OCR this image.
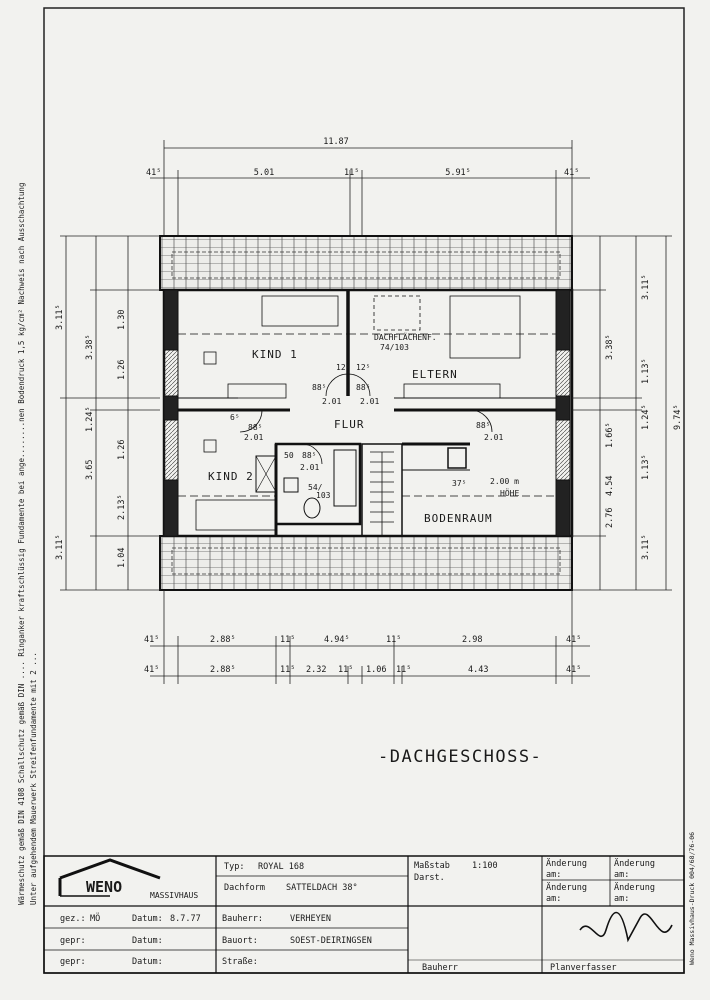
11.87
5.01	5.91⁵
41⁵	41⁵
11⁵
KIND 1
ELTERN
FLUR
KIND 2
BODENRAUM
DACHFLÄCHENF.
74/103
2.00 m
HÖHE
12⁵
88⁵
2.01
88⁵
2.01
12⁵
6⁵
88⁵
2.01
88⁵
2.01
50 88⁵
2.01
54/
103
37⁵
3.11⁵
3.65
3.11⁵
1.30
3.38⁵
1.26
1.24⁵
1.26
2.13⁵
1.04
9.74⁵
3.11⁵
1.13⁵
1.24⁵
1.13⁵
3.11⁵
3.38⁵
1.66⁵
4.54
2.76
41⁵	2.88⁵	11⁵	4.94⁵	11⁵	2.98	41⁵
41⁵	2.88⁵	11⁵ 2.32 11⁵ 1.06 11⁵	4.43	41⁵
-DACHGESCHOSS-
Wärmeschutz gemäß DIN 4108 Schallschutz gemäß DIN .... Ringanker kraftschlüssig Fundamente bei ange........nen Bodendruck 1,5 kg/cm² Nachweis nach Ausschachtung Unter aufgehendem Mauerwerk Streifenfundamente mit 2 ...	WENO	MASSIVHAUS
Typ: ROYAL 168
Dachform SATTELDACH 38°
Maßstab	1:100
Darst.
Änderung
am:
Änderung
am:
Änderung
am:
Änderung
am:
gez.: MÖ	Datum: 8.7.77
gepr:	Datum:
gepr:	Datum:
Bauherr:	VERHEYEN
Bauort:	SOEST-DEIRINGSEN
Straße:
Bauherr	Planverfasser
Weno Massivhaus-Druck 004/68/76-06
